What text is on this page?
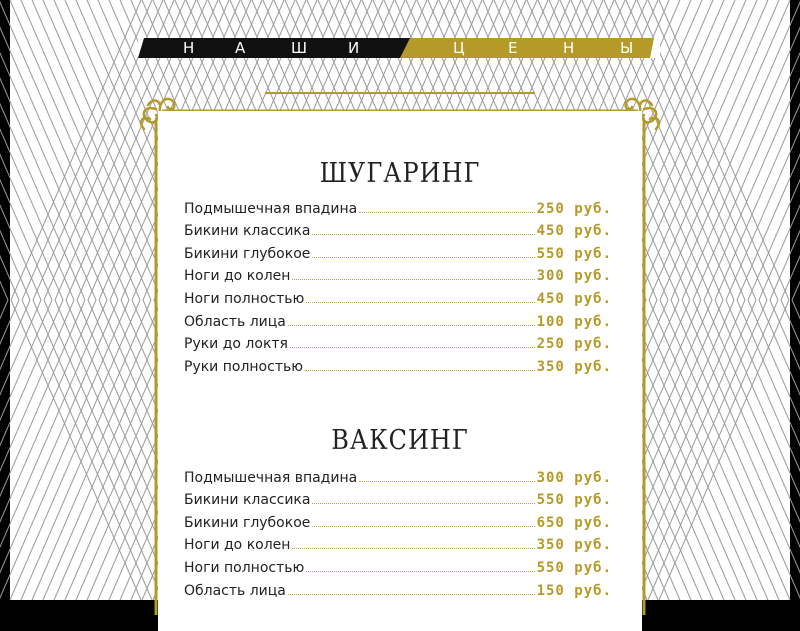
Н	А	Ш	И	Ц	Е	Н	Ы
ШУГАРИНГ
Подмышечная впадина	250 руб.
Бикини классика	450 руб.
Бикини глубокое	550 руб.
Ноги до колен	300 руб.
Ноги полностью	450 руб.
Область лица	100 руб.
Руки до локтя	250 руб.
Руки полностью	350 руб.
ВАКСИНГ
Подмышечная впадина	300 руб.
Бикини классика	550 руб.
Бикини глубокое	650 руб.
Ноги до колен	350 руб.
Ноги полностью	550 руб.
Область лица	150 руб.
